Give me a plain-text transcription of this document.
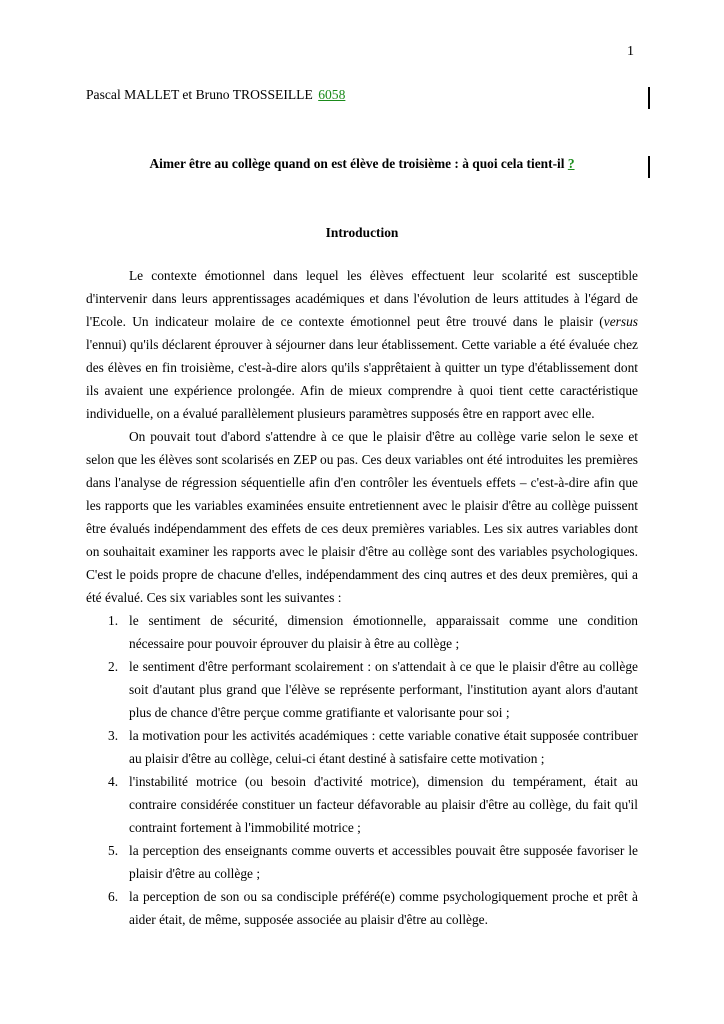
1
Pascal MALLET et Bruno TROSSEILLE 6058
Aimer être au collège quand on est élève de troisième : à quoi cela tient-il ?
Introduction

Le contexte émotionnel dans lequel les élèves effectuent leur scolarité est susceptible d'intervenir dans leurs apprentissages académiques et dans l'évolution de leurs attitudes à l'égard de l'Ecole. Un indicateur molaire de ce contexte émotionnel peut être trouvé dans le plaisir (versus l'ennui) qu'ils déclarent éprouver à séjourner dans leur établissement. Cette variable a été évaluée chez des élèves en fin troisième, c'est-à-dire alors qu'ils s'apprêtaient à quitter un type d'établissement dont ils avaient une expérience prolongée. Afin de mieux comprendre à quoi tient cette caractéristique individuelle, on a évalué parallèlement plusieurs paramètres supposés être en rapport avec elle.

On pouvait tout d'abord s'attendre à ce que le plaisir d'être au collège varie selon le sexe et selon que les élèves sont scolarisés en ZEP ou pas. Ces deux variables ont été introduites les premières dans l'analyse de régression séquentielle afin d'en contrôler les éventuels effets – c'est-à-dire afin que les rapports que les variables examinées ensuite entretiennent avec le plaisir d'être au collège puissent être évalués indépendamment des effets de ces deux premières variables. Les six autres variables dont on souhaitait examiner les rapports avec le plaisir d'être au collège sont des variables psychologiques. C'est le poids propre de chacune d'elles, indépendamment des cinq autres et des deux premières, qui a été évalué. Ces six variables sont les suivantes :

1. le sentiment de sécurité, dimension émotionnelle, apparaissait comme une condition nécessaire pour pouvoir éprouver du plaisir à être au collège ;
2. le sentiment d'être performant scolairement : on s'attendait à ce que le plaisir d'être au collège soit d'autant plus grand que l'élève se représente performant, l'institution ayant alors d'autant plus de chance d'être perçue comme gratifiante et valorisante pour soi ;
3. la motivation pour les activités académiques : cette variable conative était supposée contribuer au plaisir d'être au collège, celui-ci étant destiné à satisfaire cette motivation ;
4. l'instabilité motrice (ou besoin d'activité motrice), dimension du tempérament, était au contraire considérée constituer un facteur défavorable au plaisir d'être au collège, du fait qu'il contraint fortement à l'immobilité motrice ;
5. la perception des enseignants comme ouverts et accessibles pouvait être supposée favoriser le plaisir d'être au collège ;
6. la perception de son ou sa condisciple préféré(e) comme psychologiquement proche et prêt à aider était, de même, supposée associée au plaisir d'être au collège.
